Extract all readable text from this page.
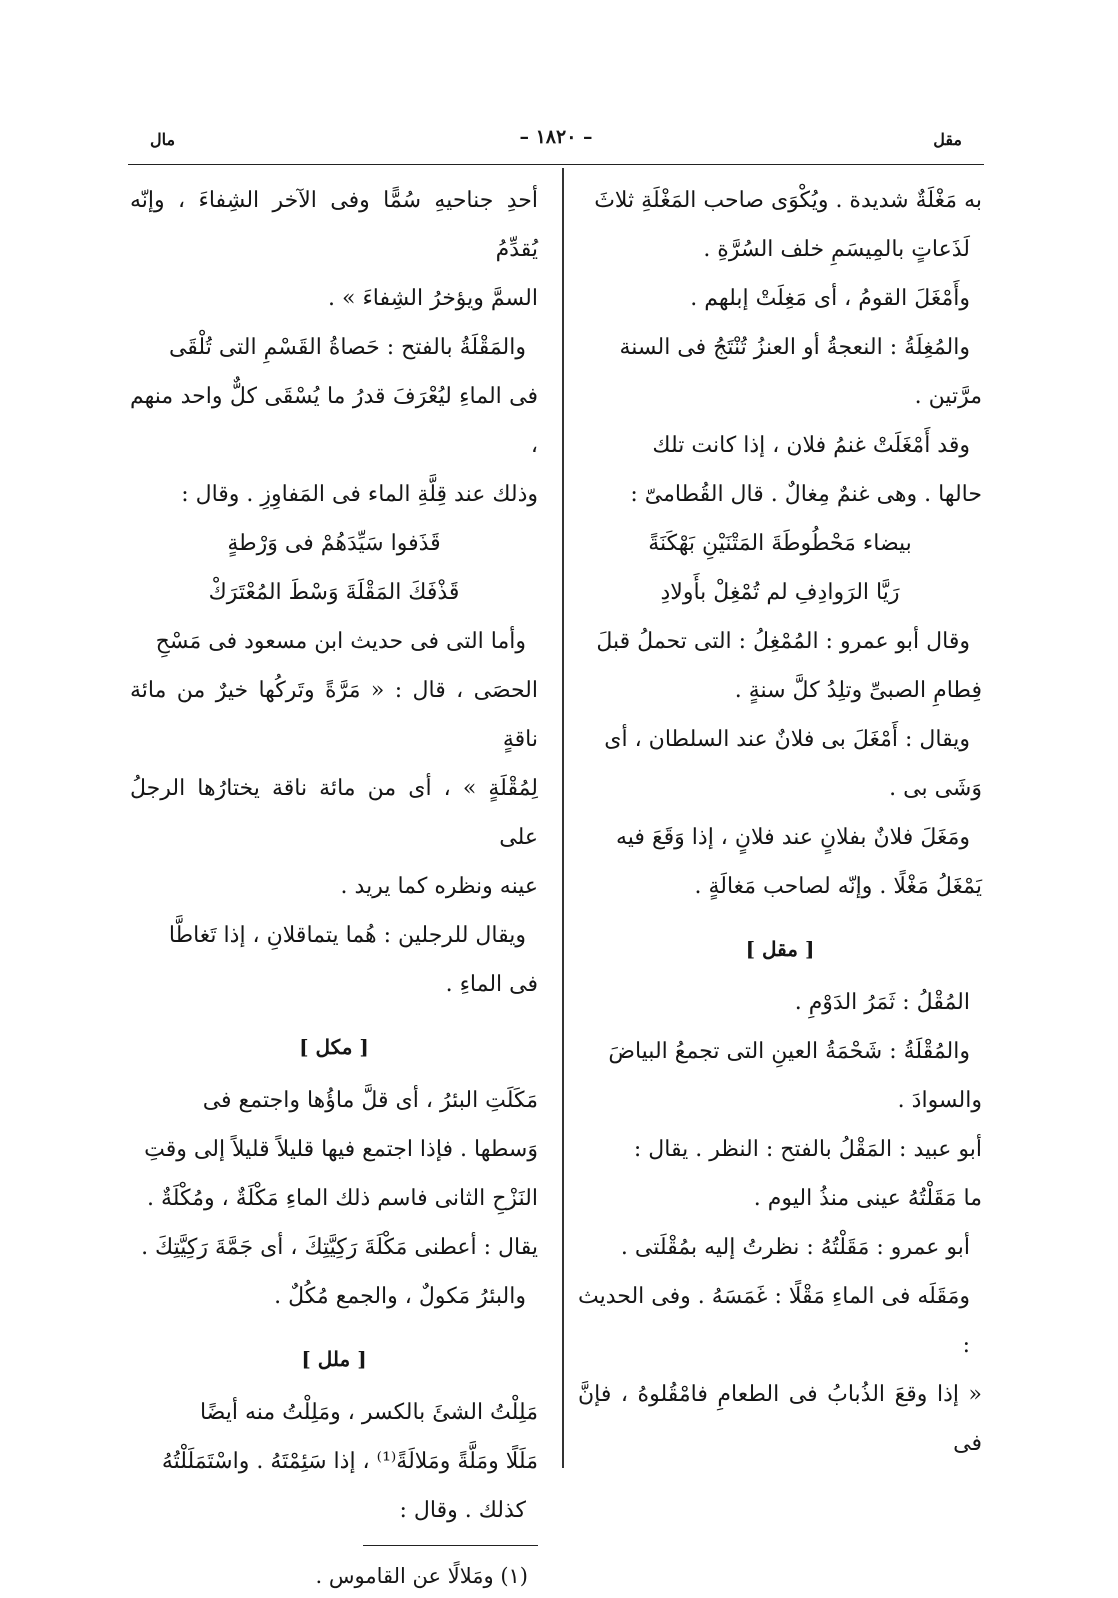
مقل
– ١٨٢٠ –
مال

به مَغْلَةٌ شديدة . ويُكْوَى صاحب المَغْلَةِ ثلاثَ

لَذَعاتٍ بالمِيسَمِ خلف السُرَّةِ .

وأَمْغَلَ القومُ ، أى مَغِلَتْ إبلهم .

والمُغِلَةُ : النعجةُ أو العنزُ تُنْتَجُ فى السنة

مرَّتين .

وقد أَمْغَلَتْ غنمُ فلان ، إذا كانت تلك

حالها . وهى غنمٌ مِغالٌ . قال القُطامىّ :

بيضاء مَحْطُوطَةَ المَتْنَيْنِ بَهْكَنَةً

رَيَّا الرَوادِفِ لم تُمْغِلْ بأَولادِ

وقال أبو عمرو : المُمْغِلُ : التى تحملُ قبلَ

فِطامِ الصبىِّ وتلِدُ كلَّ سنةٍ .

ويقال : أَمْغَلَ بى فلانٌ عند السلطان ، أى

وَشَى بى .

ومَغَلَ فلانٌ بفلانٍ عند فلانٍ ، إذا وَقَعَ فيه

يَمْغَلُ مَغْلًا . وإنّه لصاحب مَغالَةٍ .

[ مقل ]

المُقْلُ : ثَمَرُ الدَوْمِ .

والمُقْلَةُ : شَحْمَةُ العينِ التى تجمعُ البياضَ

والسوادَ .

أبو عبيد : المَقْلُ بالفتح : النظر . يقال :

ما مَقَلْتُهُ عينى منذُ اليوم .

أبو عمرو : مَقَلْتُهُ : نظرتُ إليه بمُقْلَتى .

ومَقَلَه فى الماءِ مَقْلًا : غَمَسَهُ . وفى الحديث :

« إذا وقعَ الذُبابُ فى الطعامِ فامْقُلوهُ ، فإنَّ فى

أحدِ جناحيهِ سُمًّا وفى الآخر الشِفاءَ ، وإنّه يُقدِّمُ

السمَّ ويؤخرُ الشِفاءَ » .

والمَقْلَةُ بالفتح : حَصاةُ القَسْمِ التى تُلْقَى

فى الماءِ ليُعْرَفَ قدرُ ما يُسْقَى كلٌّ واحد منهم ،

وذلك عند قِلَّةِ الماء فى المَفاوِزِ . وقال :

قَذَفوا سَيِّدَهُمْ فى وَرْطةٍ

قَذْفَكَ المَقْلَةَ وَسْطَ المُعْتَرَكْ

وأما التى فى حديث ابن مسعود فى مَسْحِ

الحصَى ، قال : « مَرَّةً وتَركُها خيرٌ من مائة ناقةٍ

لِمُقْلَةٍ » ، أى من مائة ناقة يختارُها الرجلُ على

عينه ونظره كما يريد .

ويقال للرجلين : هُما يتماقلانِ ، إذا تَغاطَّا

فى الماءِ .

[ مكل ]

مَكَلَتِ البئرُ ، أى قلَّ ماؤُها واجتمع فى

وَسطها . فإذا اجتمع فيها قليلاً قليلاً إلى وقتِ

النَزْحِ الثانى فاسم ذلك الماءِ مَكْلَةٌ ، ومُكْلَةٌ .

يقال : أعطنى مَكْلَةَ رَكِيَّتِكَ ، أى جَمَّةَ رَكِيَّتِكَ .

والبئرُ مَكولٌ ، والجمع مُكُلٌ .

[ ملل ]

مَلِلْتُ الشئَ بالكسر ، ومَلِلْتُ منه أيضًا

مَلَلًا ومَلَّةً ومَلالَةً⁽¹⁾ ، إذا سَئِمْتَهُ . واسْتَمَلَلْتُهُ

كذلك . وقال :

(١) ومَلالًا عن القاموس .
